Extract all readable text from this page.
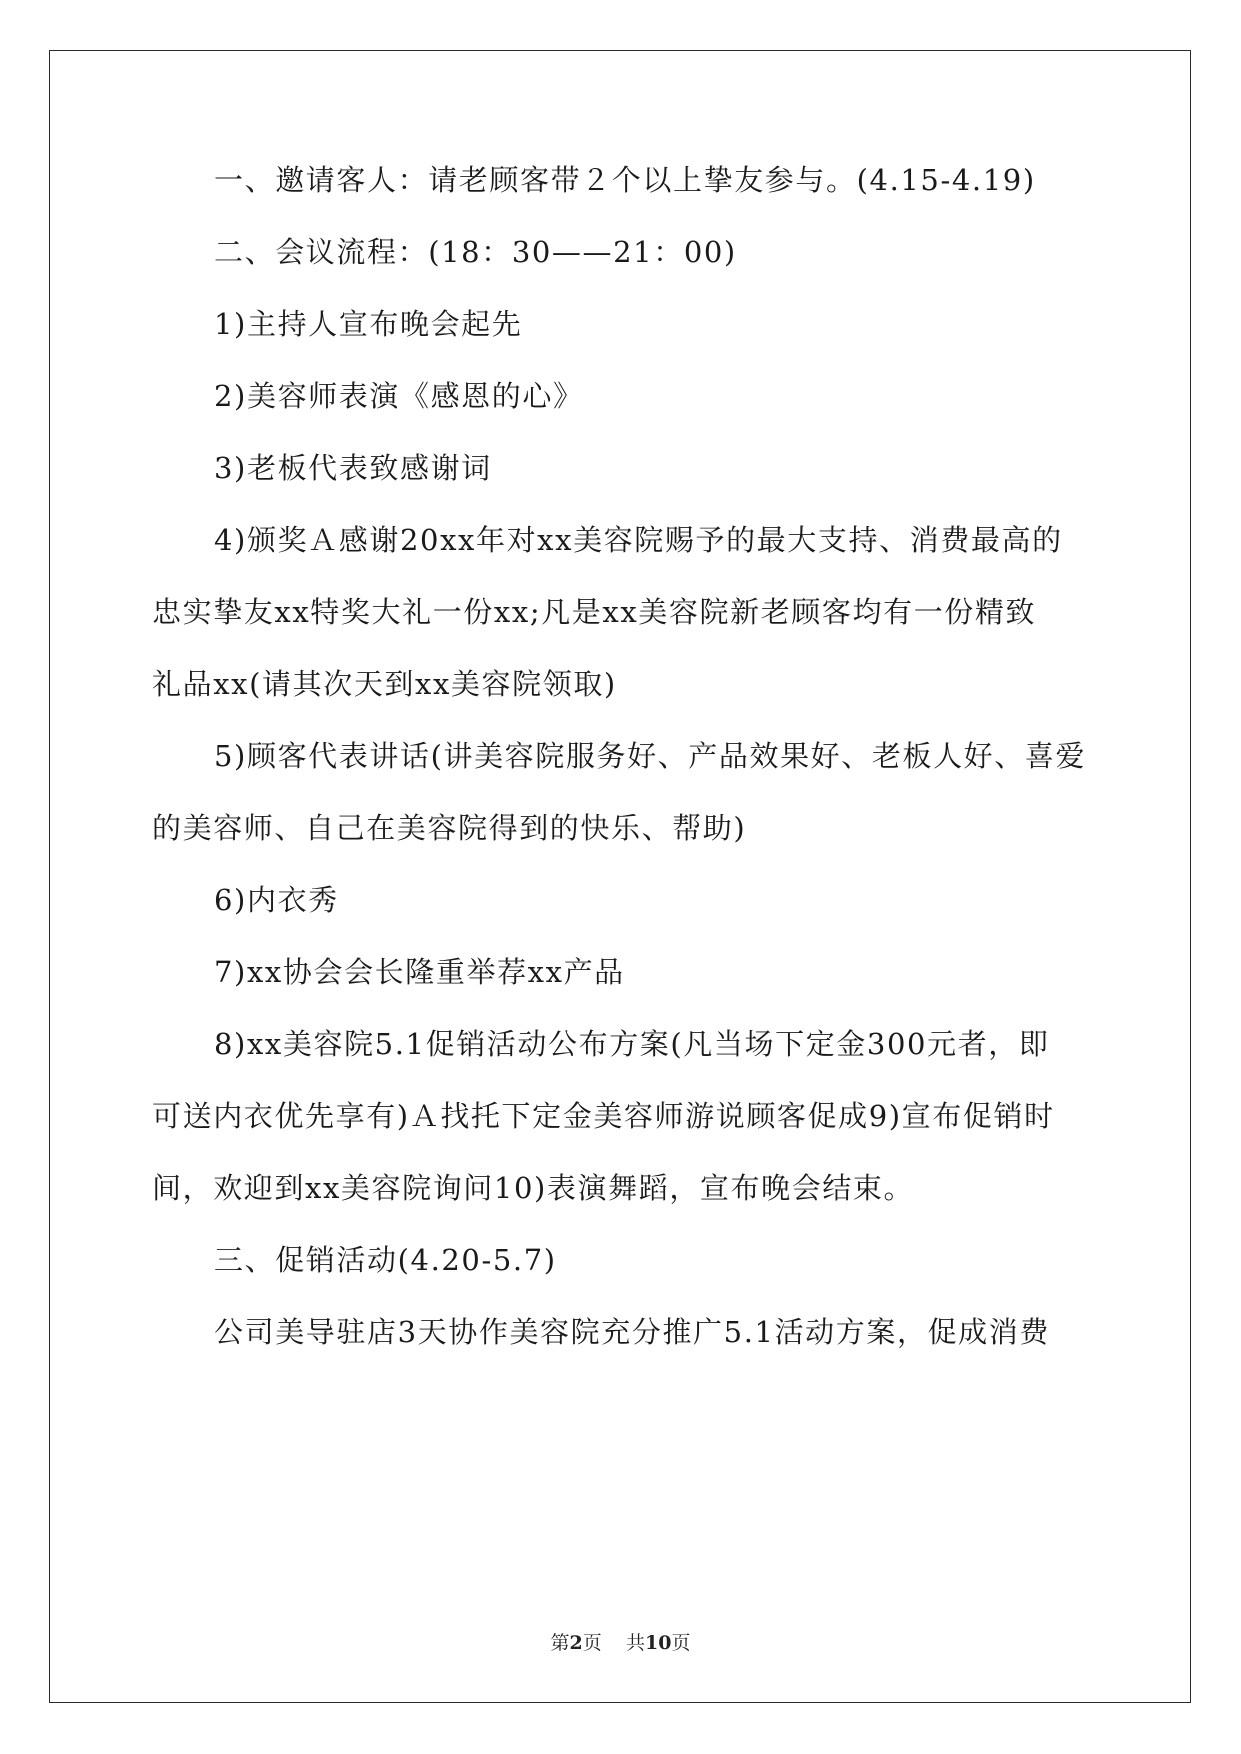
一、邀请客人：请老顾客带２个以上挚友参与。(4.15-4.19)
二、会议流程：(18：30——21：00)
1)主持人宣布晚会起先
2)美容师表演《感恩的心》
3)老板代表致感谢词
4)颁奖Ａ感谢20xx年对xx美容院赐予的最大支持、消费最高的
忠实挚友xx特奖大礼一份xx;凡是xx美容院新老顾客均有一份精致
礼品xx(请其次天到xx美容院领取)
5)顾客代表讲话(讲美容院服务好、产品效果好、老板人好、喜爱
的美容师、自己在美容院得到的快乐、帮助)
6)内衣秀
7)xx协会会长隆重举荐xx产品
8)xx美容院5.1促销活动公布方案(凡当场下定金300元者，即
可送内衣优先享有)Ａ找托下定金美容师游说顾客促成9)宣布促销时
间，欢迎到xx美容院询问10)表演舞蹈，宣布晚会结束。
三、促销活动(4.20-5.7)
公司美导驻店3天协作美容院充分推广5.1活动方案，促成消费
第2页 共10页
